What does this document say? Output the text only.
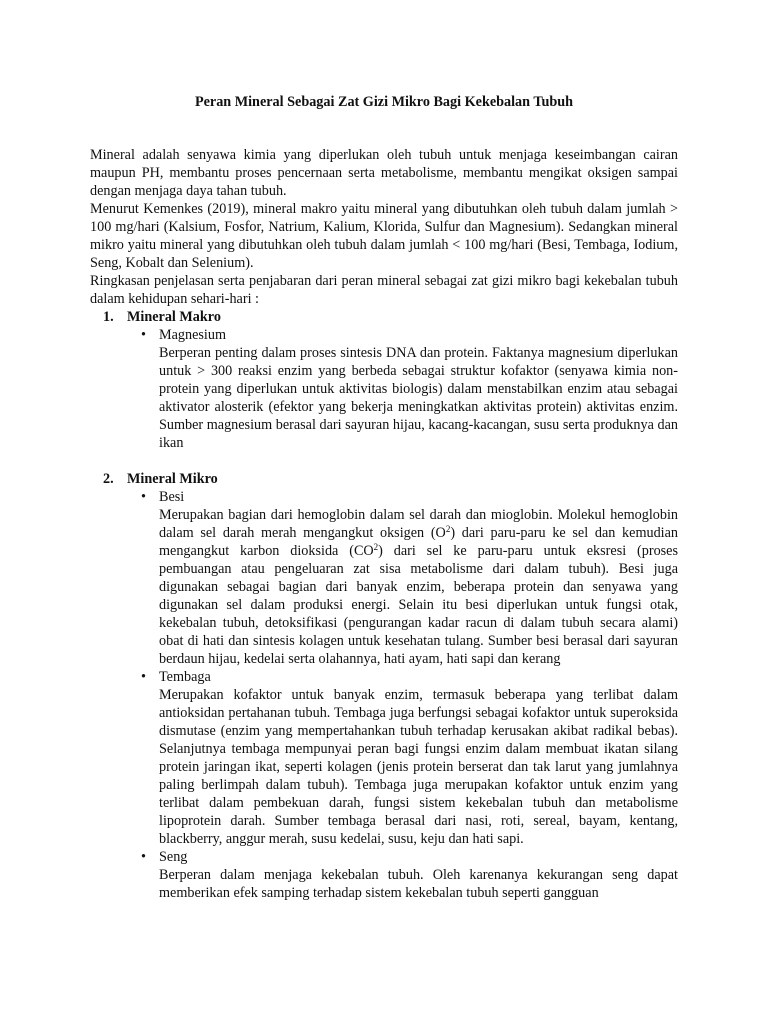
Peran Mineral Sebagai Zat Gizi Mikro Bagi Kekebalan Tubuh

Mineral adalah senyawa kimia yang diperlukan oleh tubuh untuk menjaga keseimbangan cairan maupun PH, membantu proses pencernaan serta metabolisme, membantu mengikat oksigen sampai dengan menjaga daya tahan tubuh.

Menurut Kemenkes (2019), mineral makro yaitu mineral yang dibutuhkan oleh tubuh dalam jumlah > 100 mg/hari (Kalsium, Fosfor, Natrium, Kalium, Klorida, Sulfur dan Magnesium). Sedangkan mineral mikro yaitu mineral yang dibutuhkan oleh tubuh dalam jumlah < 100 mg/hari (Besi, Tembaga, Iodium, Seng, Kobalt dan Selenium).

Ringkasan penjelasan serta penjabaran dari peran mineral sebagai zat gizi mikro bagi kekebalan tubuh dalam kehidupan sehari-hari :

1. Mineral Makro
• Magnesium

Berperan penting dalam proses sintesis DNA dan protein. Faktanya magnesium diperlukan untuk > 300 reaksi enzim yang berbeda sebagai struktur kofaktor (senyawa kimia non-protein yang diperlukan untuk aktivitas biologis) dalam menstabilkan enzim atau sebagai aktivator alosterik (efektor yang bekerja meningkatkan aktivitas protein) aktivitas enzim. Sumber magnesium berasal dari sayuran hijau, kacang-kacangan, susu serta produknya dan ikan

2. Mineral Mikro
• Besi

Merupakan bagian dari hemoglobin dalam sel darah dan mioglobin. Molekul hemoglobin dalam sel darah merah mengangkut oksigen $(O^2)$ dari paru-paru ke sel dan kemudian mengangkut karbon dioksida $(CO^2)$ dari sel ke paru-paru untuk eksresi (proses pembuangan atau pengeluaran zat sisa metabolisme dari dalam tubuh). Besi juga digunakan sebagai bagian dari banyak enzim, beberapa protein dan senyawa yang digunakan sel dalam produksi energi. Selain itu besi diperlukan untuk fungsi otak, kekebalan tubuh, detoksifikasi (pengurangan kadar racun di dalam tubuh secara alami) obat di hati dan sintesis kolagen untuk kesehatan tulang. Sumber besi berasal dari sayuran berdaun hijau, kedelai serta olahannya, hati ayam, hati sapi dan kerang

• Tembaga

Merupakan kofaktor untuk banyak enzim, termasuk beberapa yang terlibat dalam antioksidan pertahanan tubuh. Tembaga juga berfungsi sebagai kofaktor untuk superoksida dismutase (enzim yang mempertahankan tubuh terhadap kerusakan akibat radikal bebas). Selanjutnya tembaga mempunyai peran bagi fungsi enzim dalam membuat ikatan silang protein jaringan ikat, seperti kolagen (jenis protein berserat dan tak larut yang jumlahnya paling berlimpah dalam tubuh). Tembaga juga merupakan kofaktor untuk enzim yang terlibat dalam pembekuan darah, fungsi sistem kekebalan tubuh dan metabolisme lipoprotein darah. Sumber tembaga berasal dari nasi, roti, sereal, bayam, kentang, blackberry, anggur merah, susu kedelai, susu, keju dan hati sapi.

• Seng

Berperan dalam menjaga kekebalan tubuh. Oleh karenanya kekurangan seng dapat memberikan efek samping terhadap sistem kekebalan tubuh seperti gangguan
